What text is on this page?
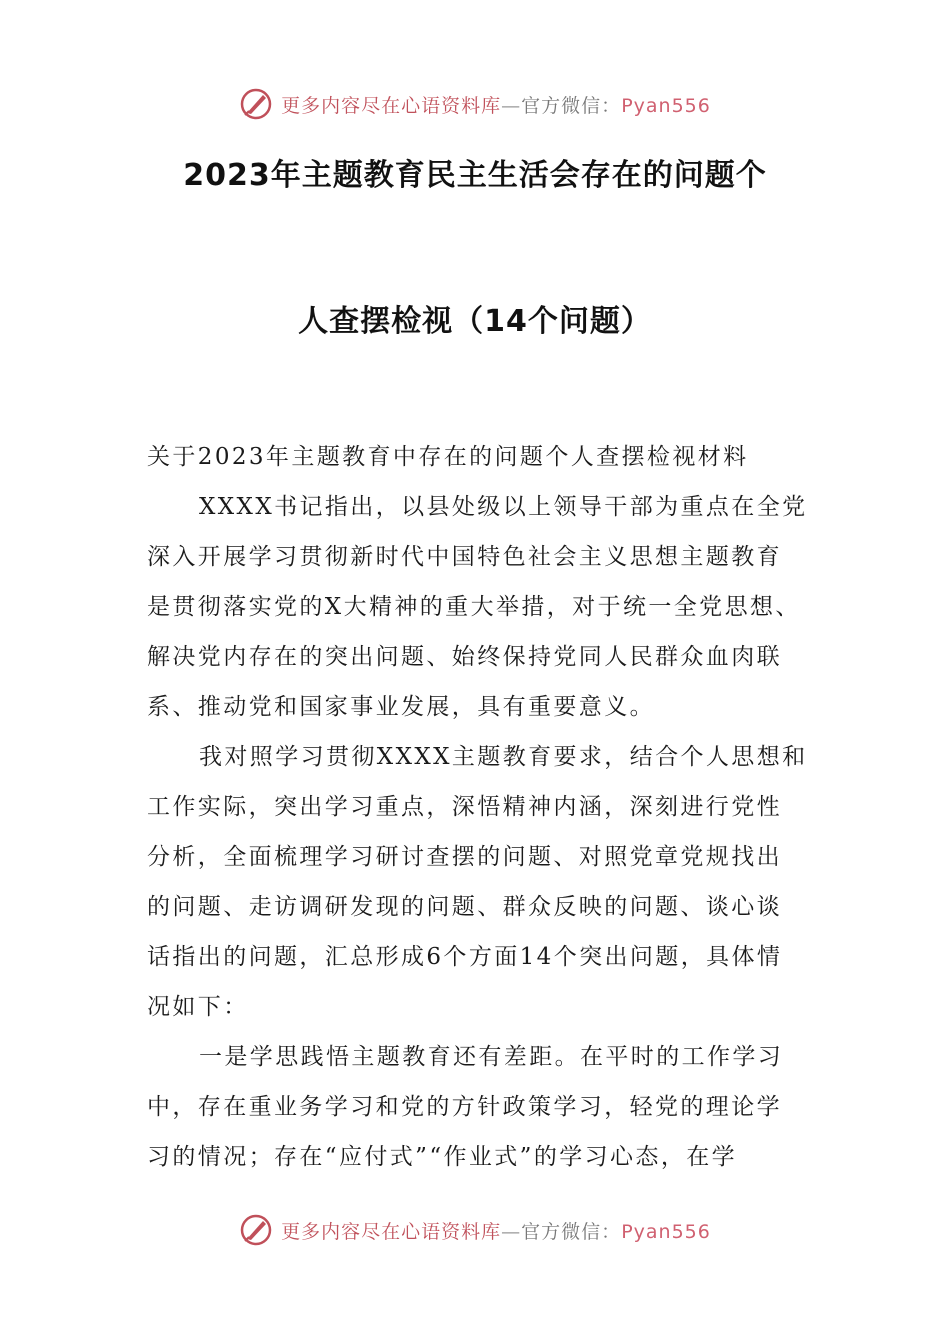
更多内容尽在心语资料库—官方微信：Pyan556
2023年主题教育民主生活会存在的问题个
人查摆检视（14个问题）
关于2023年主题教育中存在的问题个人查摆检视材料
XXXX书记指出，以县处级以上领导干部为重点在全党
深入开展学习贯彻新时代中国特色社会主义思想主题教育
是贯彻落实党的X大精神的重大举措，对于统一全党思想、
解决党内存在的突出问题、始终保持党同人民群众血肉联
系、推动党和国家事业发展，具有重要意义。
我对照学习贯彻XXXX主题教育要求，结合个人思想和
工作实际，突出学习重点，深悟精神内涵，深刻进行党性
分析，全面梳理学习研讨查摆的问题、对照党章党规找出
的问题、走访调研发现的问题、群众反映的问题、谈心谈
话指出的问题，汇总形成6个方面14个突出问题，具体情
况如下：
一是学思践悟主题教育还有差距。在平时的工作学习
中，存在重业务学习和党的方针政策学习，轻党的理论学
习的情况；存在“应付式”“作业式”的学习心态，在学
更多内容尽在心语资料库—官方微信：Pyan556
